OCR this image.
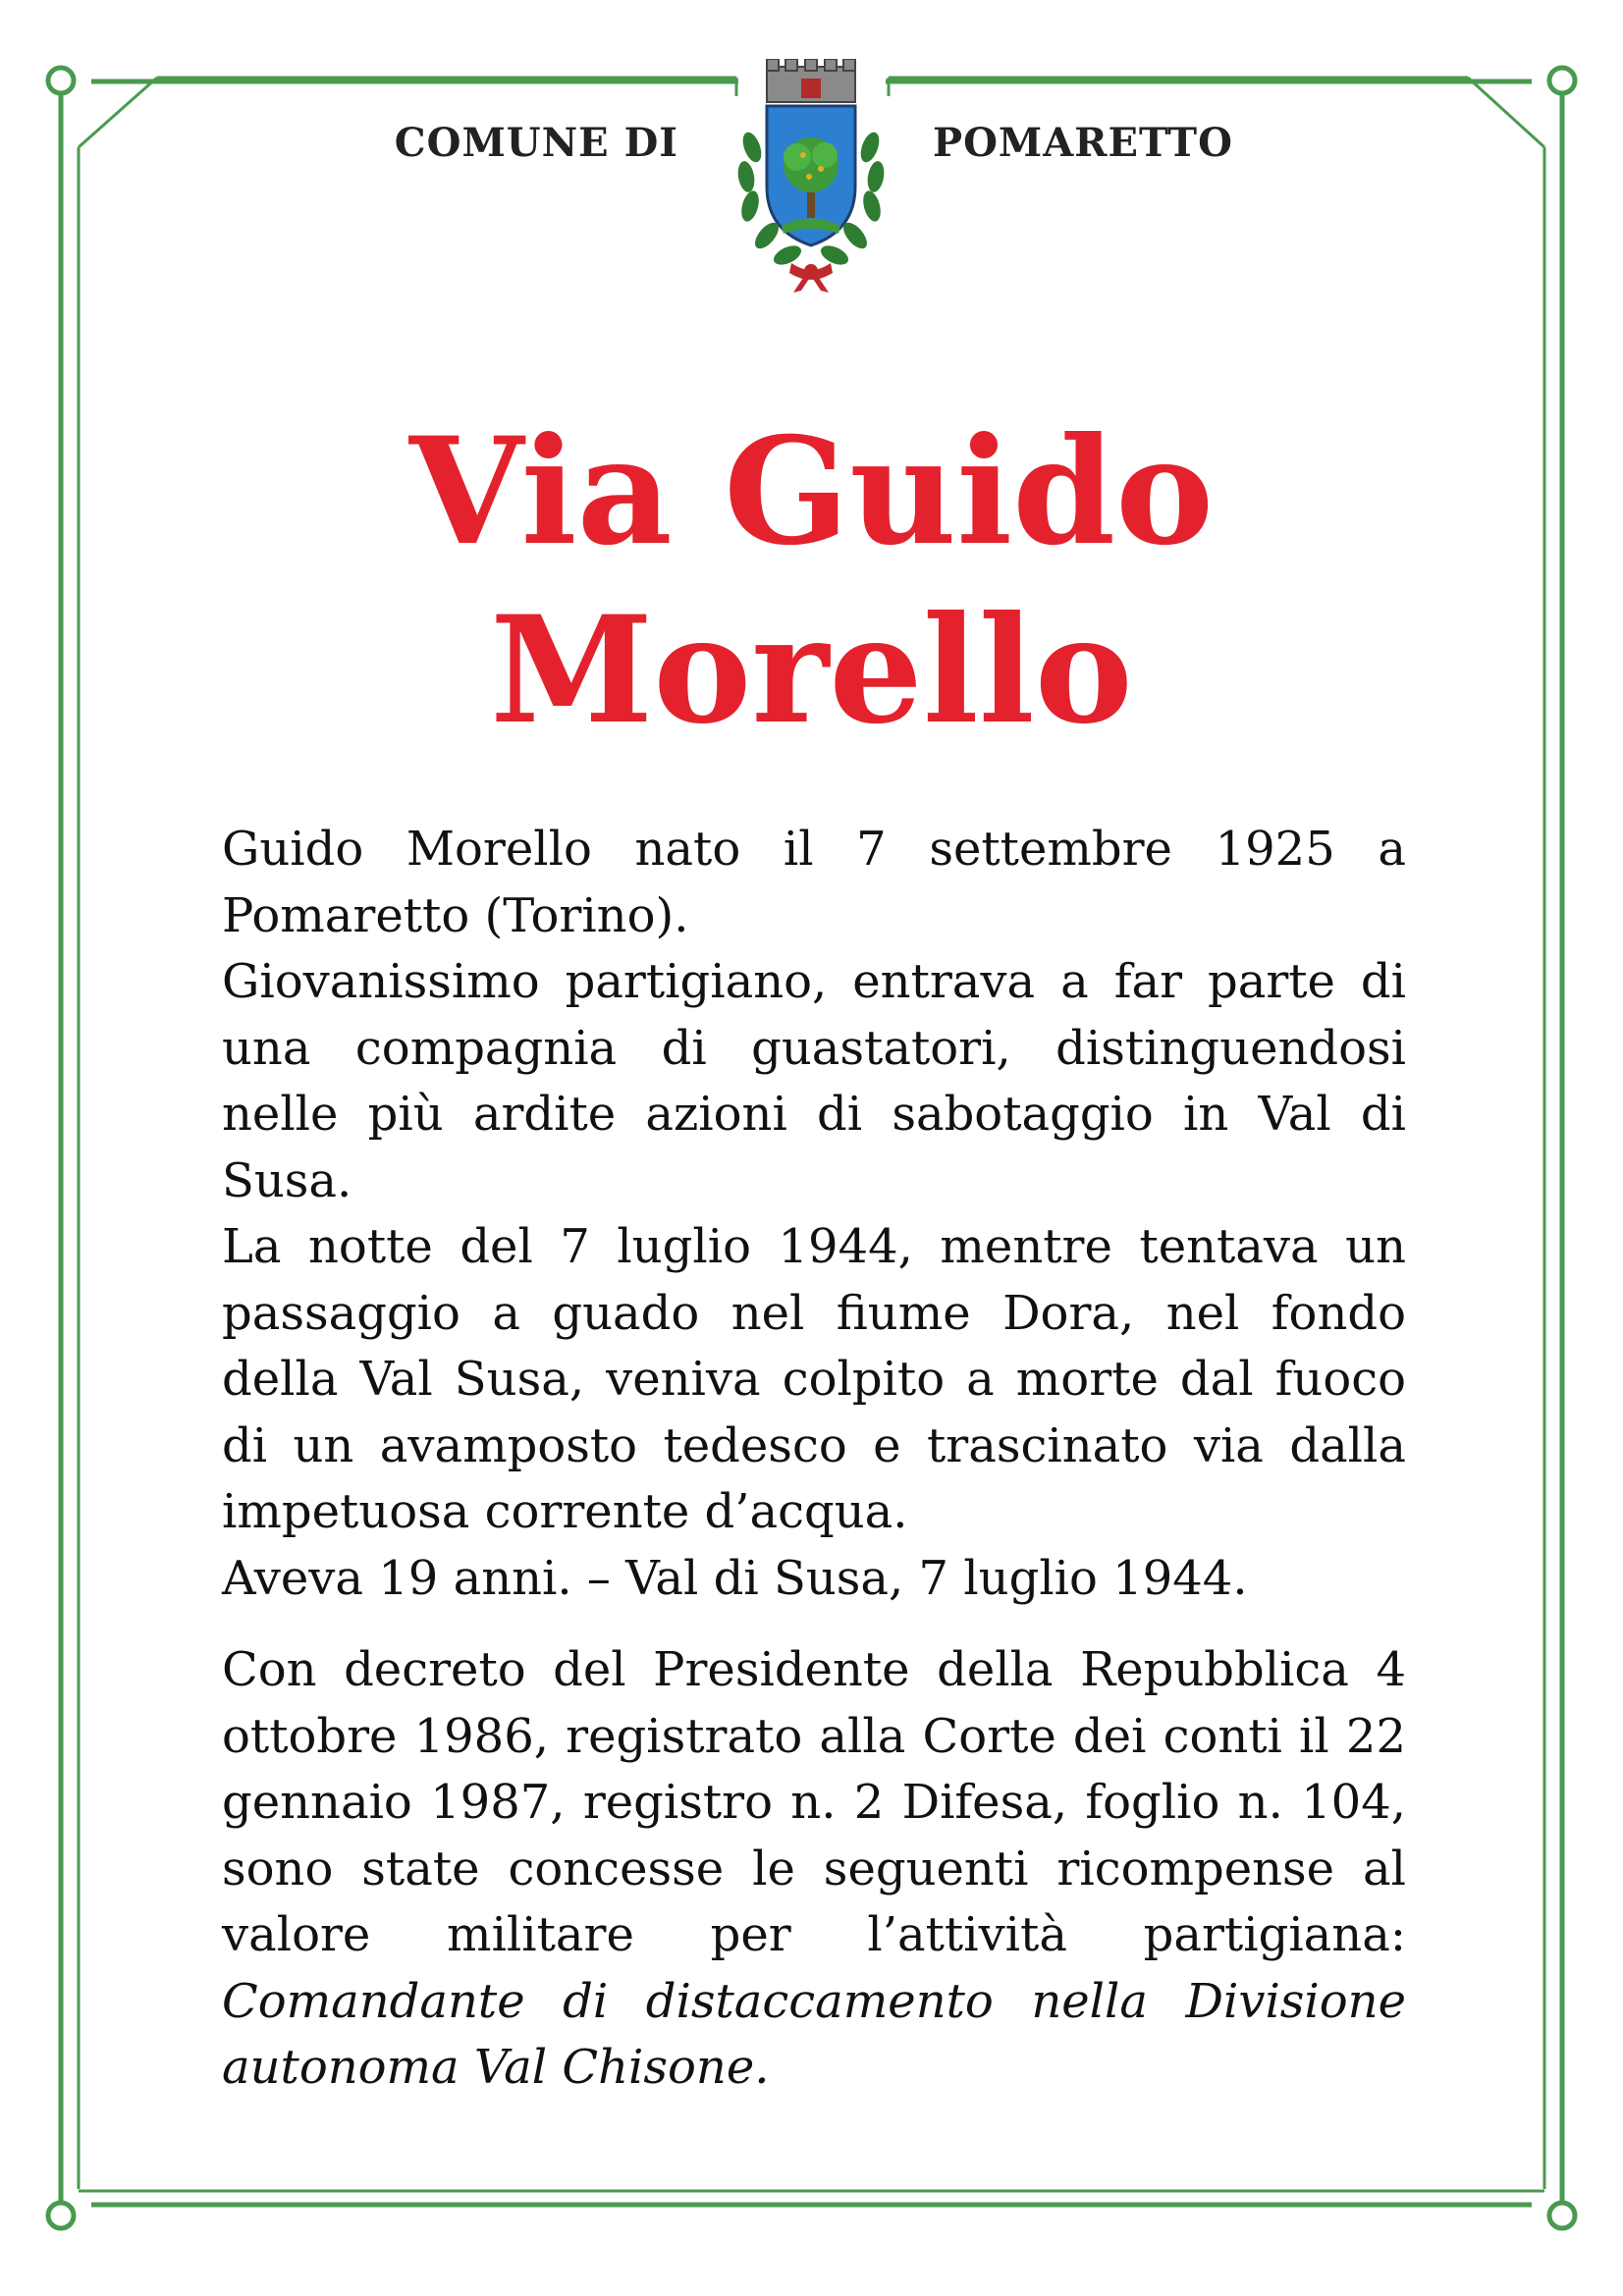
COMUNE DI	POMARETTO
Via Guido
Morello

Guido Morello nato il 7 settembre 1925 a Pomaretto (Torino).

Giovanissimo partigiano, entrava a far parte di una compagnia di guastatori, distinguendosi nelle più ardite azioni di sabotaggio in Val di Susa.

La notte del 7 luglio 1944, mentre tentava un passaggio a guado nel fiume Dora, nel fondo della Val Susa, veniva colpito a morte dal fuoco di un avamposto tedesco e trascinato via dalla impetuosa corrente d’acqua.

Aveva 19 anni. – Val di Susa, 7 luglio 1944.

Con decreto del Presidente della Repubblica 4 ottobre 1986, registrato alla Corte dei conti il 22 gennaio 1987, registro n. 2 Difesa, foglio n. 104, sono state concesse le seguenti ricompense al valore militare per l’attività partigiana: Comandante di distaccamento nella Divisione autonoma Val Chisone.
